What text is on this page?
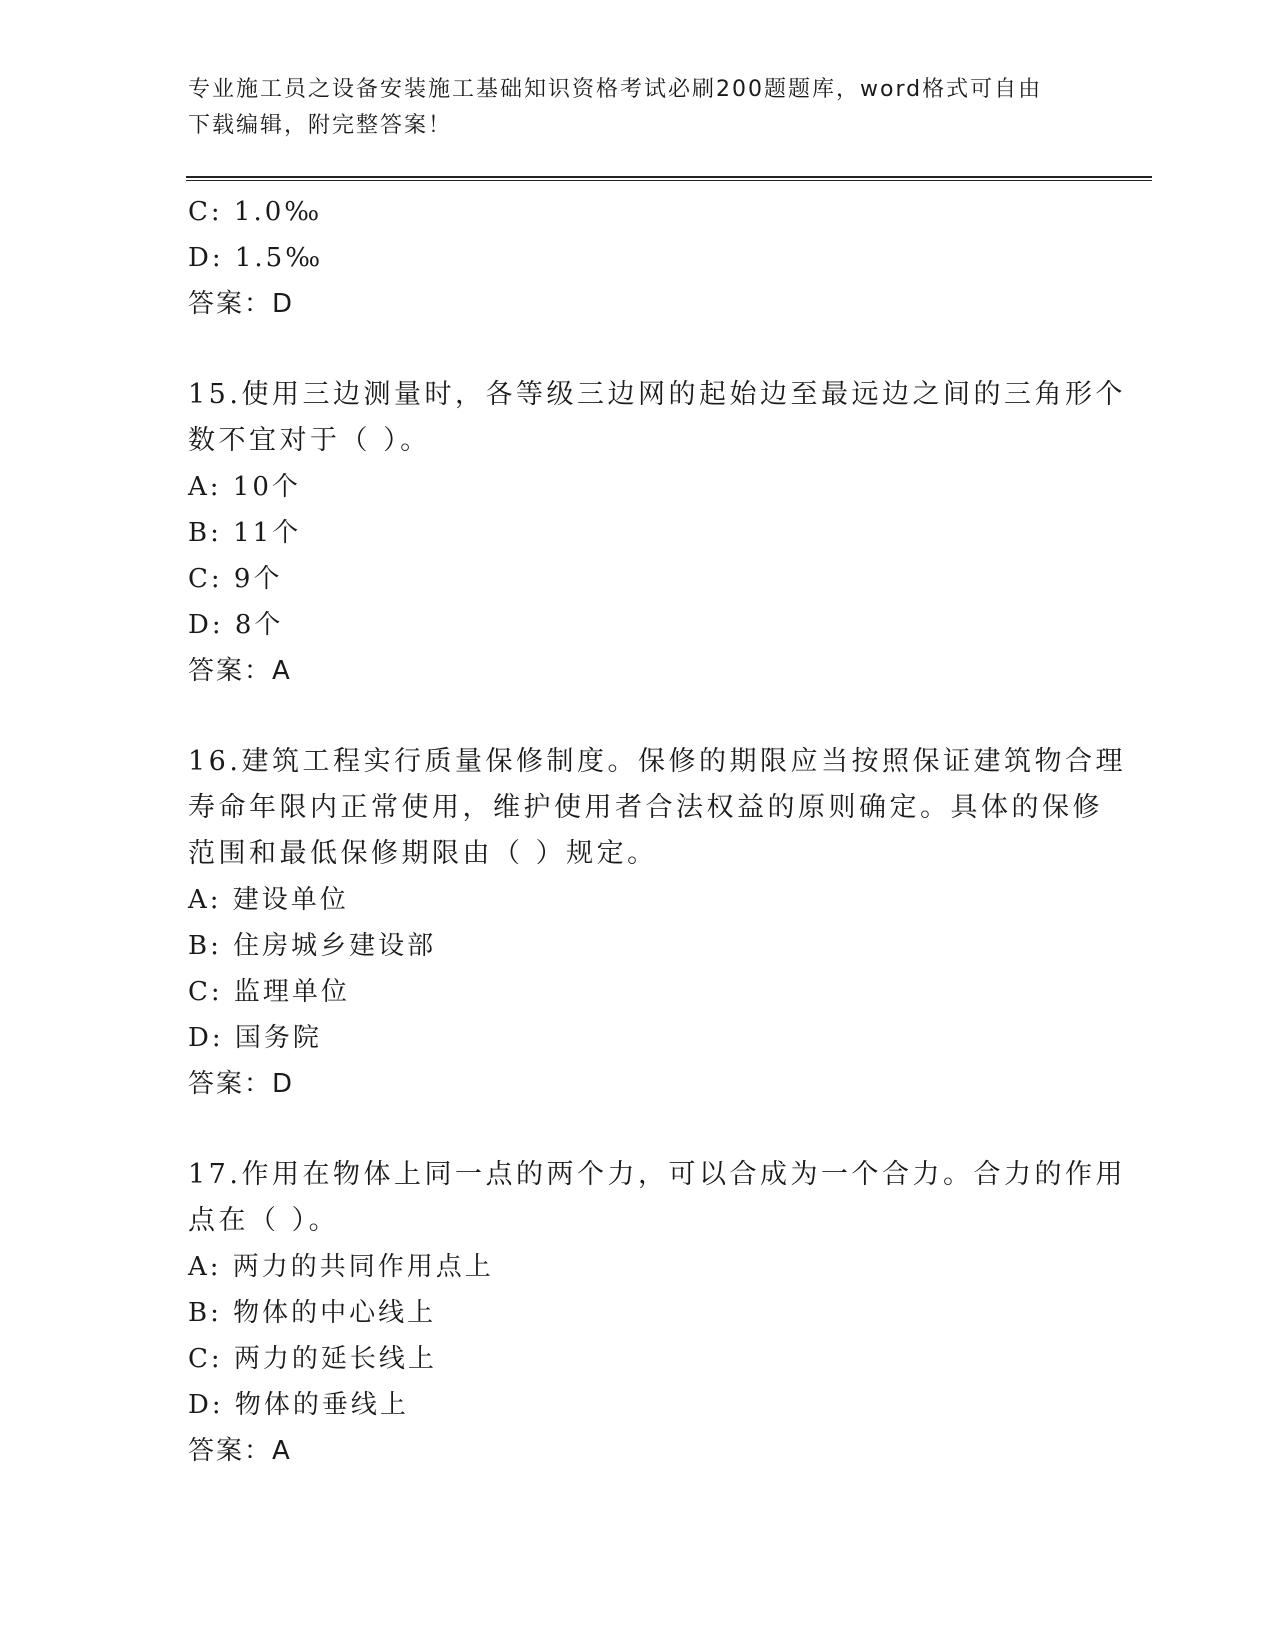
专业施工员之设备安装施工基础知识资格考试必刷200题题库，word格式可自由
下载编辑，附完整答案！
C: 1.0‰
D: 1.5‰
答案：D
15.使用三边测量时，各等级三边网的起始边至最远边之间的三角形个
数不宜对于（ ）。
A: 10个
B: 11个
C: 9个
D: 8个
答案：A
16.建筑工程实行质量保修制度。保修的期限应当按照保证建筑物合理
寿命年限内正常使用，维护使用者合法权益的原则确定。具体的保修
范围和最低保修期限由（ ）规定。
A: 建设单位
B: 住房城乡建设部
C: 监理单位
D: 国务院
答案：D
17.作用在物体上同一点的两个力，可以合成为一个合力。合力的作用
点在（ ）。
A: 两力的共同作用点上
B: 物体的中心线上
C: 两力的延长线上
D: 物体的垂线上
答案：A
